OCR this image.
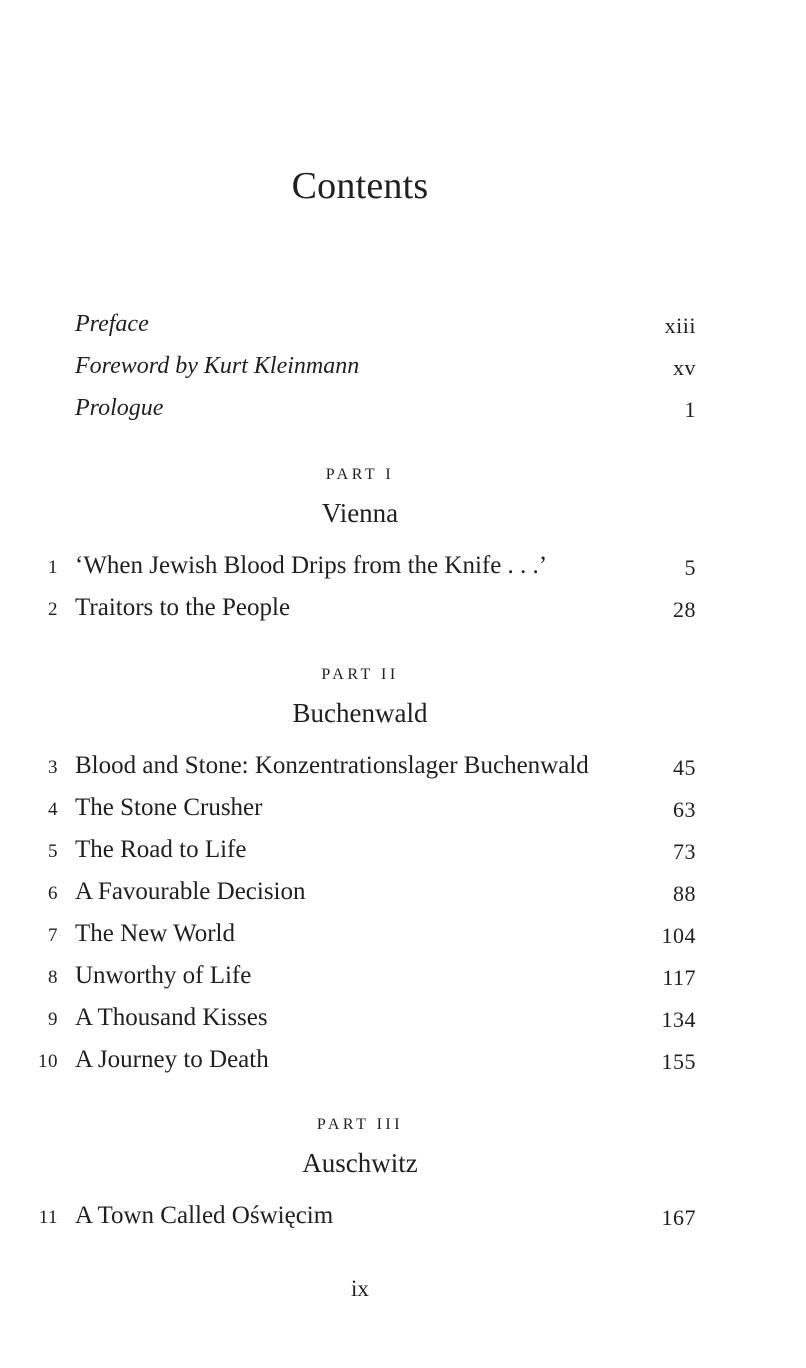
Contents
Preface	xiii
Foreword by Kurt Kleinmann	xv
Prologue	1
PART I
Vienna
1 ‘When Jewish Blood Drips from the Knife . . .’	5
2 Traitors to the People	28
PART II
Buchenwald
3 Blood and Stone: Konzentrationslager Buchenwald	45
4 The Stone Crusher	63
5 The Road to Life	73
6 A Favourable Decision	88
7 The New World	104
8 Unworthy of Life	117
9 A Thousand Kisses	134
10 A Journey to Death	155
PART III
Auschwitz
11 A Town Called Oświęcim	167
ix
